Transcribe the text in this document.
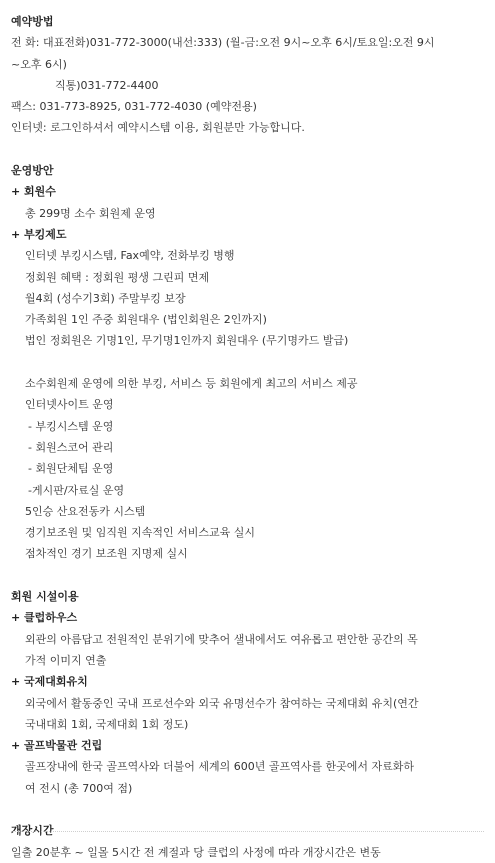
예약방법
전 화: 대표전화)031-772-3000(내선:333) (월-금:오전 9시~오후 6시/토요일:오전 9시
~오후 6시)
직통)031-772-4400
팩스: 031-773-8925, 031-772-4030 (예약전용)
인터넷: 로그인하셔서 예약시스템 이용, 회원분만 가능합니다.
운영방안
+ 회원수
총 299명 소수 회원제 운영
+ 부킹제도
인터넷 부킹시스템, Fax예약, 전화부킹 병행
정회원 혜택 : 정회원 평생 그린피 면제
월4회 (성수기3회) 주말부킹 보장
가족회원 1인 주중 회원대우 (법인회원은 2인까지)
법인 정회원은 기명1인, 무기명1인까지 회원대우 (무기명카드 발급)
소수회원제 운영에 의한 부킹, 서비스 등 회원에게 최고의 서비스 제공
인터넷사이트 운영
- 부킹시스템 운영
- 회원스코어 관리
- 회원단체팀 운영
-게시판/자료실 운영
5인승 산요전동카 시스템
경기보조원 및 임직원 지속적인 서비스교육 실시
점차적인 경기 보조원 지명제 실시
회원 시설이용
+ 클럽하우스
외관의 아름답고 전원적인 분위기에 맞추어 샐내에서도 여유롭고 편안한 공간의 목
가적 이미지 연출
+ 국제대회유치
외국에서 활동중인 국내 프로선수와 외국 유명선수가 참여하는 국제대회 유치(연간
국내대회 1회, 국제대회 1회 정도)
+ 골프박물관 건립
골프장내에 한국 골프역사와 더불어 세계의 600년 골프역사를 한곳에서 자료화하
여 전시 (총 700여 점)
개장시간
일출 20분후 ~ 일몰 5시간 전 계절과 당 클럽의 사정에 따라 개장시간은 변동
